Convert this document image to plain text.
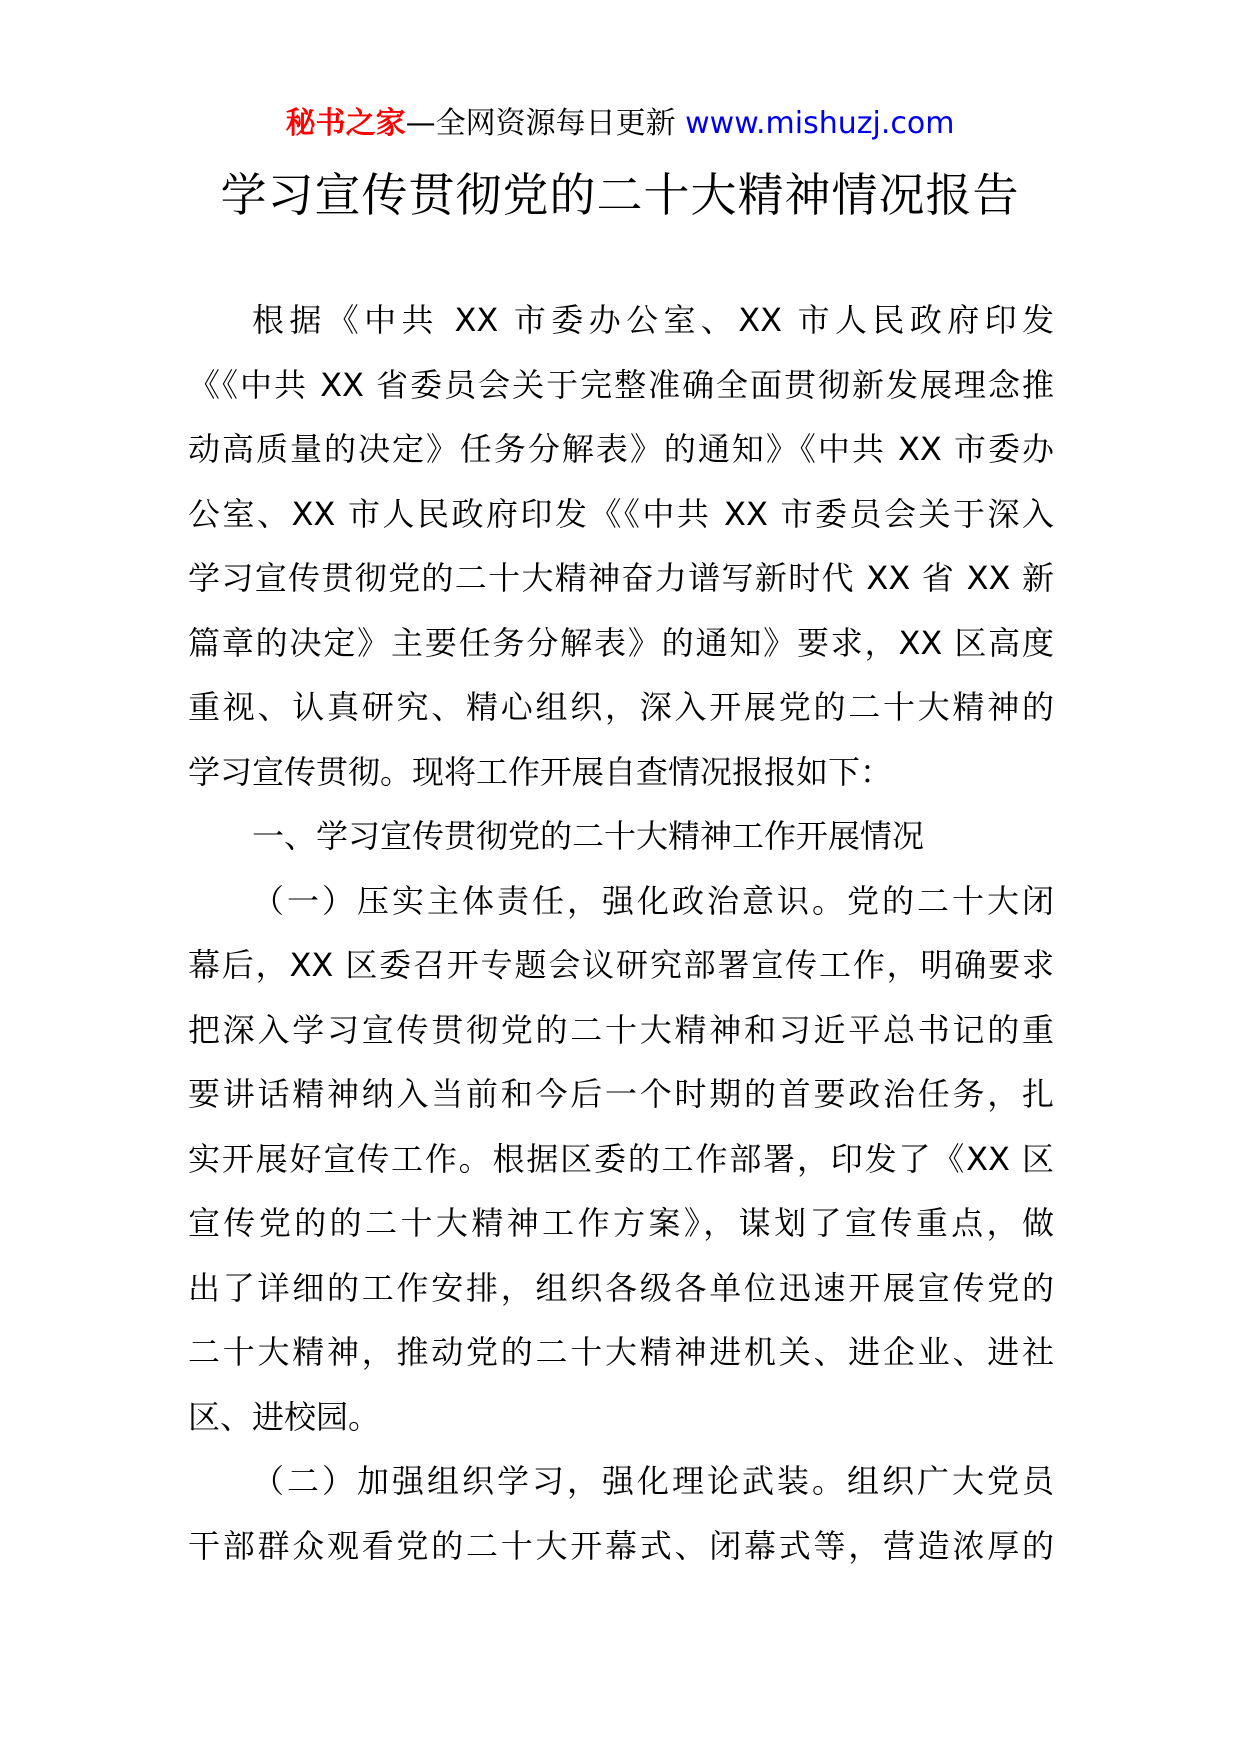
秘书之家—全网资源每日更新 www.mishuzj.com
学习宣传贯彻党的二十大精神情况报告
根据《中共 XX 市委办公室、XX 市人民政府印发
《《中共 XX 省委员会关于完整准确全面贯彻新发展理念推
动高质量的决定》任务分解表》的通知》《中共 XX 市委办
公室、XX 市人民政府印发《《中共 XX 市委员会关于深入
学习宣传贯彻党的二十大精神奋力谱写新时代 XX 省 XX 新
篇章的决定》主要任务分解表》的通知》要求，XX 区高度
重视、认真研究、精心组织，深入开展党的二十大精神的
学习宣传贯彻。现将工作开展自查情况报报如下：
一、学习宣传贯彻党的二十大精神工作开展情况
（一）压实主体责任，强化政治意识。党的二十大闭
幕后，XX 区委召开专题会议研究部署宣传工作，明确要求
把深入学习宣传贯彻党的二十大精神和习近平总书记的重
要讲话精神纳入当前和今后一个时期的首要政治任务，扎
实开展好宣传工作。根据区委的工作部署，印发了《XX 区
宣传党的的二十大精神工作方案》，谋划了宣传重点，做
出了详细的工作安排，组织各级各单位迅速开展宣传党的
二十大精神，推动党的二十大精神进机关、进企业、进社
区、进校园。
（二）加强组织学习，强化理论武装。组织广大党员
干部群众观看党的二十大开幕式、闭幕式等，营造浓厚的
